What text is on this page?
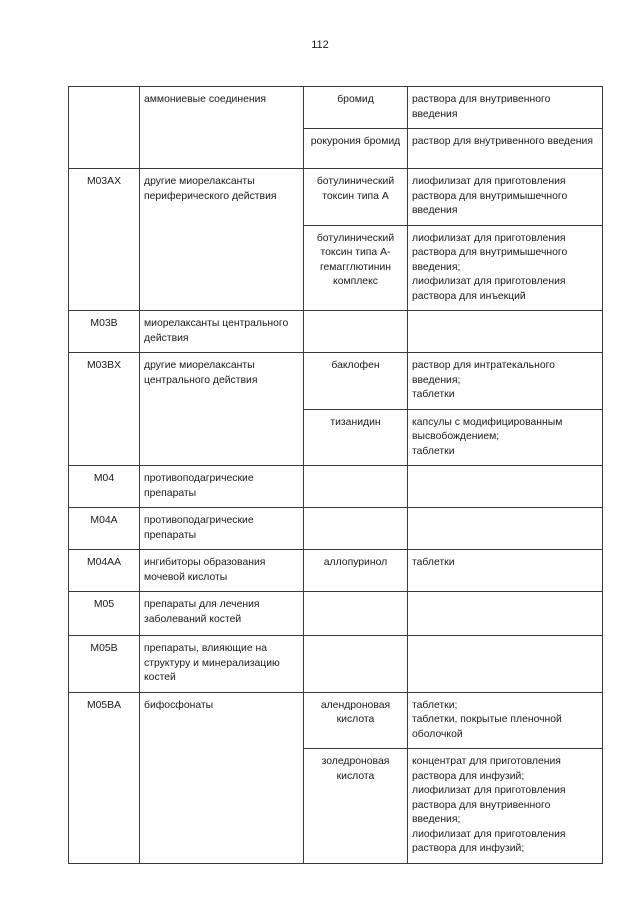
112
	аммониевые соединения	бромид	раствора для внутривенного введения
		рокурония бромид	раствор для внутривенного введения
M03AX	другие миорелаксанты периферического действия	ботулинический токсин типа А	лиофилизат для приготовления раствора для внутримышечного введения
		ботулинический токсин типа А-гемагглютинин комплекс	лиофилизат для приготовления раствора для внутримышечного введения;
лиофилизат для приготовления раствора для инъекций
M03B	миорелаксанты центрального действия		
M03BX	другие миорелаксанты центрального действия	баклофен	раствор для интратекального введения;
таблетки
		тизанидин	капсулы с модифицированным высвобождением;
таблетки
M04	противоподагрические препараты		
M04A	противоподагрические препараты		
M04AA	ингибиторы образования мочевой кислоты	аллопуринол	таблетки
M05	препараты для лечения заболеваний костей		
M05B	препараты, влияющие на структуру и минерализацию костей		
M05BA	бифосфонаты	алендроновая кислота	таблетки;
таблетки, покрытые пленочной оболочкой
		золедроновая кислота	концентрат для приготовления раствора для инфузий;
лиофилизат для приготовления раствора для внутривенного введения;
лиофилизат для приготовления раствора для инфузий;
